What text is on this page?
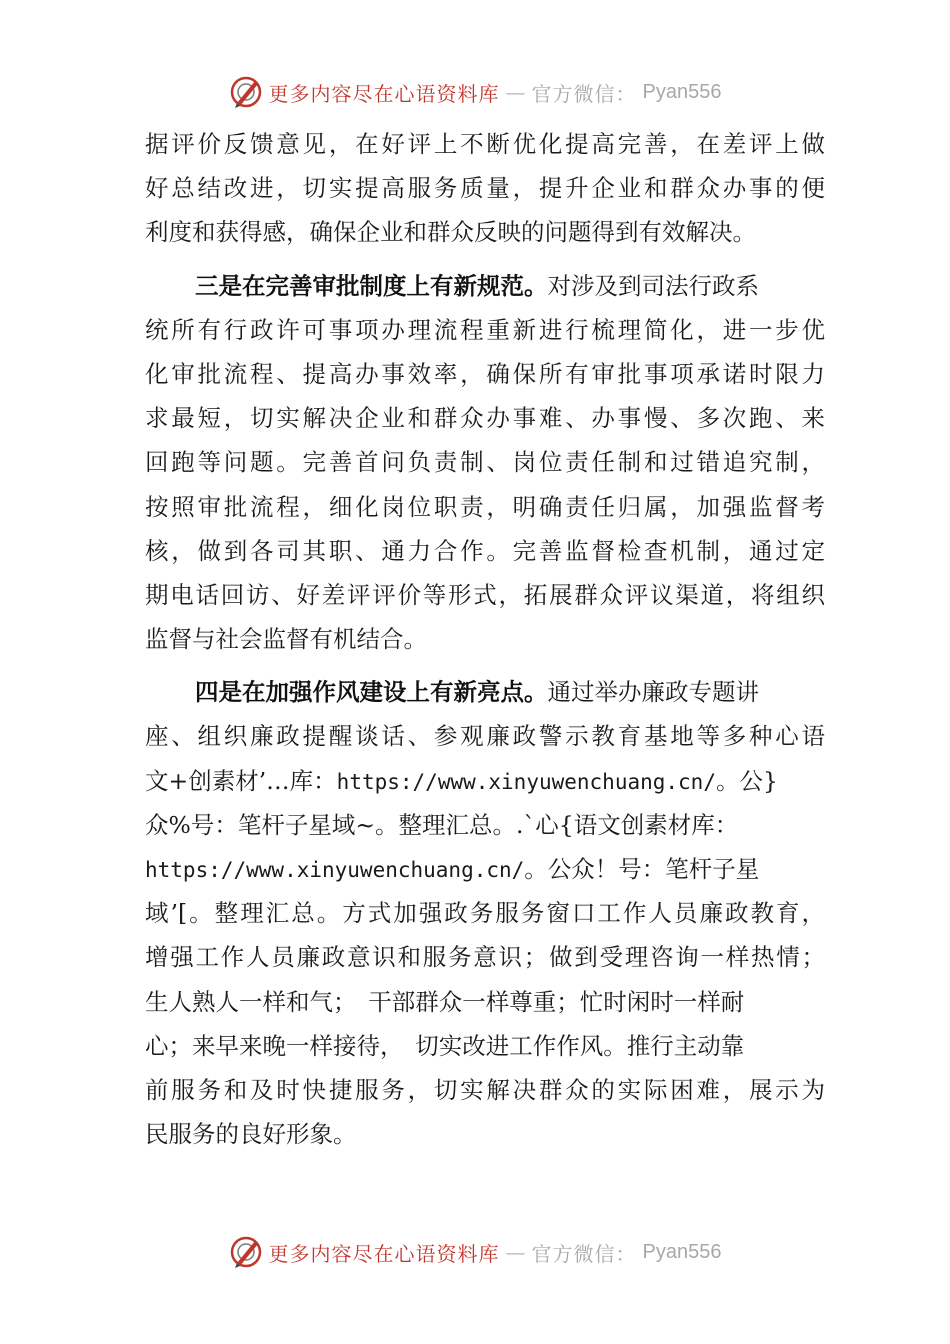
更多内容尽在心语资料库 — 官方微信： Pyan556
据评价反馈意见，在好评上不断优化提高完善，在差评上做
好总结改进，切实提高服务质量，提升企业和群众办事的便
利度和获得感，确保企业和群众反映的问题得到有效解决。
三是在完善审批制度上有新规范。对涉及到司法行政系
统所有行政许可事项办理流程重新进行梳理简化，进一步优
化审批流程、提高办事效率，确保所有审批事项承诺时限力
求最短，切实解决企业和群众办事难、办事慢、多次跑、来
回跑等问题。完善首问负责制、岗位责任制和过错追究制，
按照审批流程，细化岗位职责，明确责任归属，加强监督考
核，做到各司其职、通力合作。完善监督检查机制，通过定
期电话回访、好差评评价等形式，拓展群众评议渠道，将组织
监督与社会监督有机结合。
四是在加强作风建设上有新亮点。通过举办廉政专题讲
座、组织廉政提醒谈话、参观廉政警示教育基地等多种心语
文+创素材’…库：https://www.xinyuwenchuang.cn/。公}
众%号：笔杆子星域~。整理汇总。.`心{语文创素材库：
https://www.xinyuwenchuang.cn/。公众！号：笔杆子星
域’[。整理汇总。方式加强政务服务窗口工作人员廉政教育，
增强工作人员廉政意识和服务意识；做到受理咨询一样热情；
生人熟人一样和气；　干部群众一样尊重；忙时闲时一样耐
心；来早来晚一样接待，　切实改进工作作风。推行主动靠
前服务和及时快捷服务，切实解决群众的实际困难，展示为
民服务的良好形象。
更多内容尽在心语资料库 — 官方微信： Pyan556
